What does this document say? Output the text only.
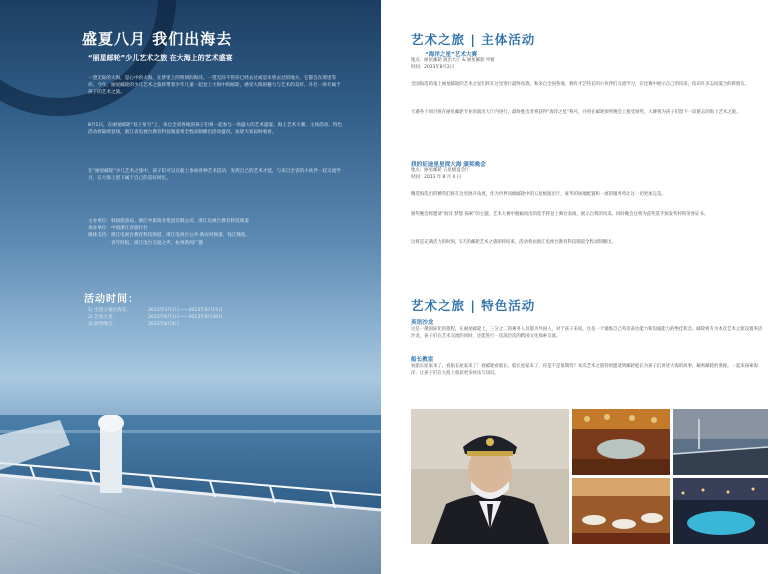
盛夏八月 我们出海去
“丽星邮轮”少儿艺术之旅 在大海上的艺术盛宴
一望无际的大海，是心中的大海，在梦里上的明朗的海洋。一望无际不管你已经去过或是未曾去过的地方，它都会在那里等你。今年，丽星邮轮的少儿艺术之旅将带着少年儿童一起登上大海中的邮轮，感受大海的魅力与艺术的美好，开启一场专属于孩子的艺术之旅。
8月1日，在丽星邮轮“双子星号”上，来自全省各地的孩子们将一起参与一场盛大的艺术盛宴。海上艺术大赛、主体活动、特色活动将陆续登场，浙江省电视台教育科技频道将全程录制播出活动盛况，欢迎大家届时收看。
在“丽星邮轮”少儿艺术之旅中，孩子们可以在船上参加各种艺术活动，发挥自己的艺术才能，与来自全省的小伙伴一起交流学习，在大海上留下属于自己的美好回忆。
主办单位：韩国旅游局、浙江中旅商业集团有限公司、浙江电视台教育科技频道
承办单位：中国浙江省旅行社
媒体支持：浙江电视台教育科技频道、浙江电视台公共·新农村频道、钱江晚报、
　　　　　青年时报、浙江电台交通之声、杭州新闻广播
活动时间：
1) 全国分赛区海选：	2013年3月1日——2013年6月15日
2) 艺术之星：	2013年6月1日——2013年6月30日
3) 颁奖晚会：	2013年8月4日
艺术之旅 | 主体活动
“海洋之星”艺术大赛
地点：丽星邮轮 演出大厅 & 丽星邮轮 甲板
时间：2013年8月2日
全国海选的童上丽星邮轮的艺术之星们将在这里进行最终角逐。和来自全国各地、拥有才艺特长的小伙伴们交流学习，在比赛中展示自己的风采，结识许多志同道合的新朋友。
大赛各个项目将在丽星邮轮专业的演出大厅内进行，最终胜出者将获得“海洋之星”称号，并将在邮轮颁奖晚会上接受颁奖，大赛将为孩子们留下一段难忘的海上艺术之旅。
我的征途星星探大海 颁奖晚会
地点：丽星邮轮 五星级宴会厅
时间：2013 年 8 月 4 日
精选海选出的精英们将在这里展开角逐，作为世界顶级邮轮中的五星级演出厅，豪华的场地配置和一流的服务将让这一切更加完美。
颁奖晚会将邀请“海洋 梦想 探索”的主题，艺术大赛中脱颖而出的选手将登上舞台表演，展示自我的风采。同时晚会还将为获奖选手颁发奖杯和荣誉证书。
这将是充满活力的时刻，5天的邮轮艺术之旅即将结束，活动将由浙江电视台教育科技频道全程录制播出。
艺术之旅 | 特色活动
英语沙龙
这是一趟国际化的旅程，在丽星邮轮上，三分之二的乘务人员都为外国人，对于孩子来说，这是一个锻炼自己英语表达能力和沟通能力的绝佳机会。邮轮将专为本次艺术之旅设置英语沙龙，孩子们在艺术交流的同时，还能进行一次深层次的跨国文化探索交流。
船长教室
看船长屋家来了，看船长屋家来了！看邮轮看船长，船长屋家来了，你是不是很期待？本次艺术之旅特别邀请到邮轮船长为孩子们讲述大海的故事，解密邮轮的奥秘。一起来探索海洋，让孩子们在大海上收获更多快乐与知识。
